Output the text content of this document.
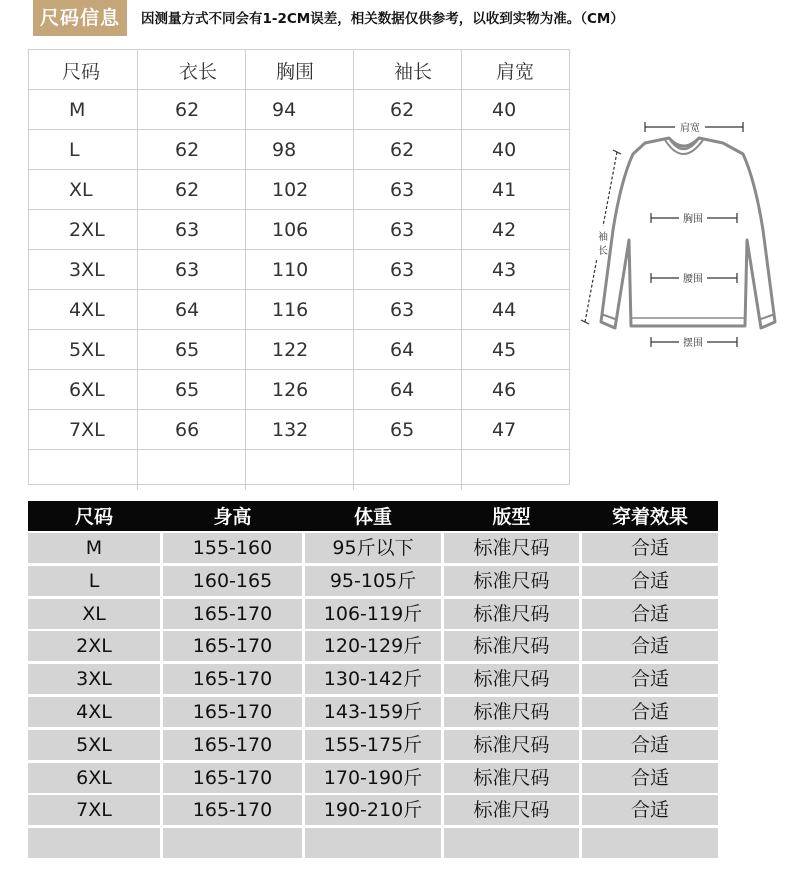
尺码信息	因测量方式不同会有1-2CM误差，相关数据仅供参考，以收到实物为准。（CM）
尺码	衣长	胸围	袖长	肩宽
M	62	94	62	40
L	62	98	62	40
XL	62	102	63	41
2XL	63	106	63	42
3XL	63	110	63	43
4XL	64	116	63	44
5XL	65	122	64	45
6XL	65	126	64	46
7XL	66	132	65	47
肩宽
胸围
腰围
摆围
袖
长
尺码	身高	体重	版型	穿着效果
M	155-160	95斤以下	标准尺码	合适
L	160-165	95-105斤	标准尺码	合适
XL	165-170	106-119斤	标准尺码	合适
2XL	165-170	120-129斤	标准尺码	合适
3XL	165-170	130-142斤	标准尺码	合适
4XL	165-170	143-159斤	标准尺码	合适
5XL	165-170	155-175斤	标准尺码	合适
6XL	165-170	170-190斤	标准尺码	合适
7XL	165-170	190-210斤	标准尺码	合适
